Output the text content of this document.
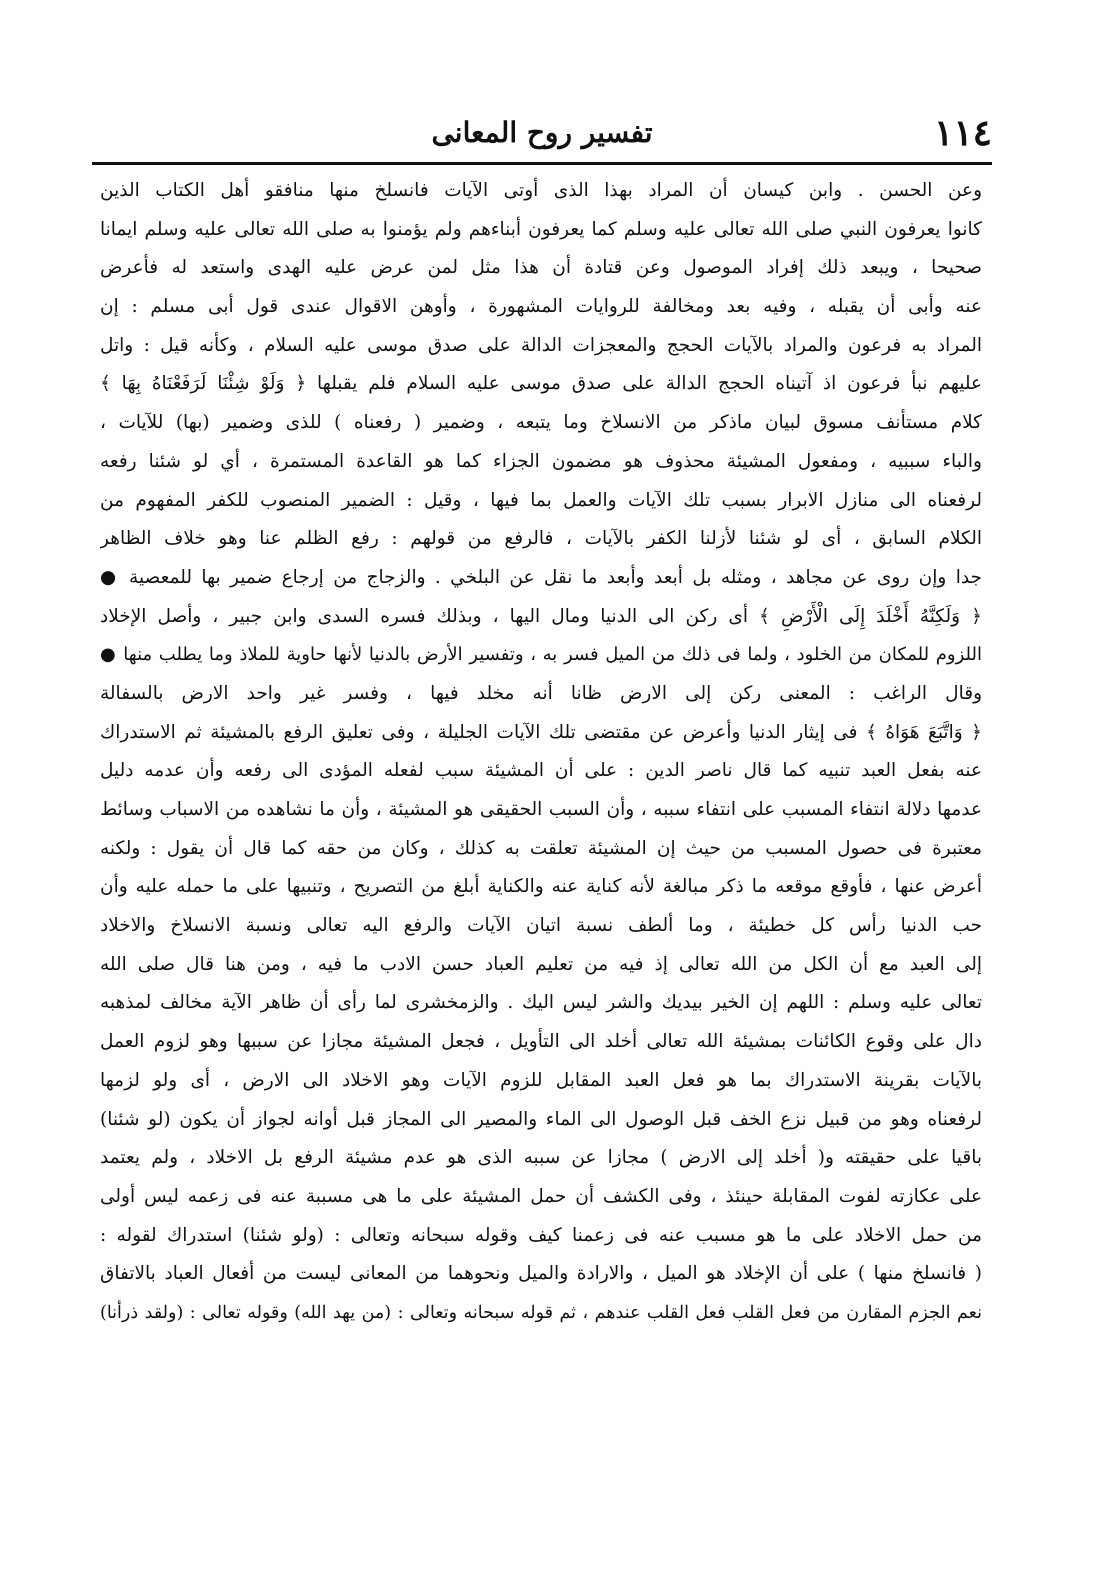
١١٤
تفسير روح المعانى
وعن الحسن . وابن كيسان أن المراد بهذا الذى أوتى الآيات فانسلخ منها منافقو أهل الكتاب الذين
كانوا يعرفون النبي صلى الله تعالى عليه وسلم كما يعرفون أبناءهم ولم يؤمنوا به صلى الله تعالى عليه وسلم ايمانا
صحيحا ، ويبعد ذلك إفراد الموصول وعن قتادة أن هذا مثل لمن عرض عليه الهدى واستعد له فأعرض
عنه وأبى أن يقبله ، وفيه بعد ومخالفة للروايات المشهورة ، وأوهن الاقوال عندى قول أبى مسلم : إن
المراد به فرعون والمراد بالآيات الحجج والمعجزات الدالة على صدق موسى عليه السلام ، وكأنه قيل : واتل
عليهم نبأ فرعون اذ آتيناه الحجج الدالة على صدق موسى عليه السلام فلم يقبلها ﴿ وَلَوْ شِئْنَا لَرَفَعْنَاهُ بِهَا ﴾
كلام مستأنف مسوق لبيان ماذكر من الانسلاخ وما يتبعه ، وضمير ( رفعناه ) للذى وضمير (بها) للآيات ،
والباء سببيه ، ومفعول المشيئة محذوف هو مضمون الجزاء كما هو القاعدة المستمرة ، أي لو شئنا رفعه
لرفعناه الى منازل الابرار بسبب تلك الآيات والعمل بما فيها ، وقيل : الضمير المنصوب للكفر المفهوم من
الكلام السابق ، أى لو شئنا لأزلنا الكفر بالآيات ، فالرفع من قولهم : رفع الظلم عنا وهو خلاف الظاهر
جدا وإن روى عن مجاهد ، ومثله بل أبعد وأبعد ما نقل عن البلخي . والزجاج من إرجاع ضمير بها للمعصية ●
﴿ وَلَكِنَّهُ أَخْلَدَ إِلَى الْأَرْضِ ﴾ أى ركن الى الدنيا ومال اليها ، وبذلك فسره السدى وابن جبير ، وأصل الإخلاد
اللزوم للمكان من الخلود ، ولما فى ذلك من الميل فسر به ، وتفسير الأرض بالدنيا لأنها حاوية للملاذ وما يطلب منها ●
وقال الراغب : المعنى ركن إلى الارض ظانا أنه مخلد فيها ، وفسر غير واحد الارض بالسفالة
﴿ وَاتَّبَعَ هَوَاهُ ﴾ فى إيثار الدنيا وأعرض عن مقتضى تلك الآيات الجليلة ، وفى تعليق الرفع بالمشيئة ثم الاستدراك
عنه بفعل العبد تنبيه كما قال ناصر الدين : على أن المشيئة سبب لفعله المؤدى الى رفعه وأن عدمه دليل
عدمها دلالة انتفاء المسبب على انتفاء سببه ، وأن السبب الحقيقى هو المشيئة ، وأن ما نشاهده من الاسباب وسائط
معتبرة فى حصول المسبب من حيث إن المشيئة تعلقت به كذلك ، وكان من حقه كما قال أن يقول : ولكنه
أعرض عنها ، فأوقع موقعه ما ذكر مبالغة لأنه كناية عنه والكناية أبلغ من التصريح ، وتنبيها على ما حمله عليه وأن
حب الدنيا رأس كل خطيئة ، وما ألطف نسبة اتيان الآيات والرفع اليه تعالى ونسبة الانسلاخ والاخلاد
إلى العبد مع أن الكل من الله تعالى إذ فيه من تعليم العباد حسن الادب ما فيه ، ومن هنا قال صلى الله
تعالى عليه وسلم : اللهم إن الخير بيديك والشر ليس اليك . والزمخشرى لما رأى أن ظاهر الآية مخالف لمذهبه
دال على وقوع الكائنات بمشيئة الله تعالى أخلد الى التأويل ، فجعل المشيئة مجازا عن سببها وهو لزوم العمل
بالآيات بقرينة الاستدراك بما هو فعل العبد المقابل للزوم الآيات وهو الاخلاد الى الارض ، أى ولو لزمها
لرفعناه وهو من قبيل نزع الخف قبل الوصول الى الماء والمصير الى المجاز قبل أوانه لجواز أن يكون (لو شئنا)
باقيا على حقيقته و( أخلد إلى الارض ) مجازا عن سببه الذى هو عدم مشيئة الرفع بل الاخلاد ، ولم يعتمد
على عكازته لفوت المقابلة حينئذ ، وفى الكشف أن حمل المشيئة على ما هى مسببة عنه فى زعمه ليس أولى
من حمل الاخلاد على ما هو مسبب عنه فى زعمنا كيف وقوله سبحانه وتعالى : (ولو شئنا) استدراك لقوله :
( فانسلخ منها ) على أن الإخلاد هو الميل ، والارادة والميل ونحوهما من المعانى ليست من أفعال العباد بالاتفاق
نعم الجزم المقارن من فعل القلب فعل القلب عندهم ، ثم قوله سبحانه وتعالى : (من يهد الله) وقوله تعالى : (ولقد ذرأنا)
